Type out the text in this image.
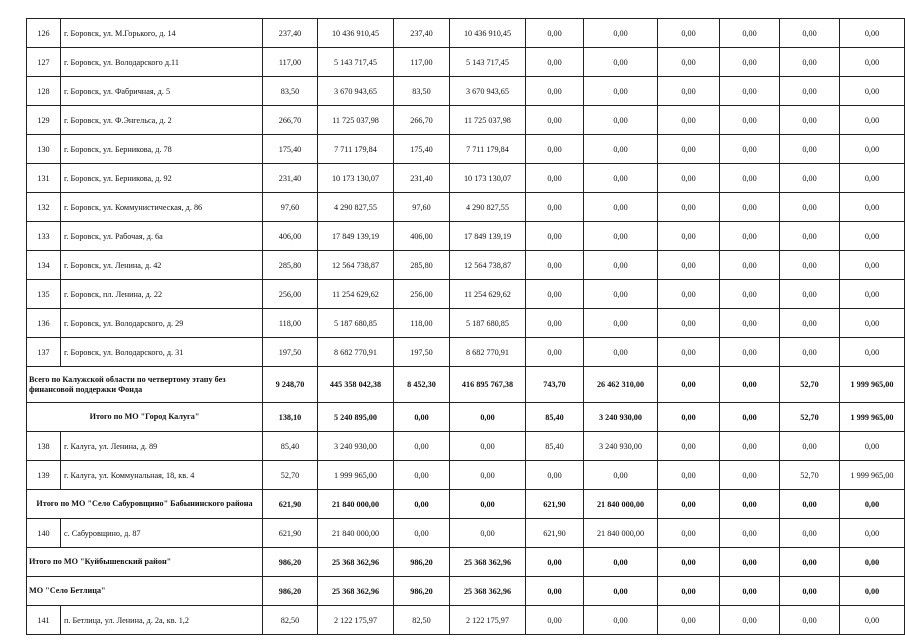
126	г. Боровск, ул. М.Горького, д. 14	237,40	10 436 910,45	237,40	10 436 910,45	0,00	0,00	0,00	0,00	0,00	0,00
127	г. Боровск, ул. Володарского д.11	117,00	5 143 717,45	117,00	5 143 717,45	0,00	0,00	0,00	0,00	0,00	0,00
128	г. Боровск, ул. Фабричная, д. 5	83,50	3 670 943,65	83,50	3 670 943,65	0,00	0,00	0,00	0,00	0,00	0,00
129	г. Боровск, ул. Ф.Энгельса, д. 2	266,70	11 725 037,98	266,70	11 725 037,98	0,00	0,00	0,00	0,00	0,00	0,00
130	г. Боровск, ул. Берникова, д. 78	175,40	7 711 179,84	175,40	7 711 179,84	0,00	0,00	0,00	0,00	0,00	0,00
131	г. Боровск, ул. Берникова, д. 92	231,40	10 173 130,07	231,40	10 173 130,07	0,00	0,00	0,00	0,00	0,00	0,00
132	г. Боровск, ул. Коммунистическая, д. 86	97,60	4 290 827,55	97,60	4 290 827,55	0,00	0,00	0,00	0,00	0,00	0,00
133	г. Боровск, ул. Рабочая, д. 6а	406,00	17 849 139,19	406,00	17 849 139,19	0,00	0,00	0,00	0,00	0,00	0,00
134	г. Боровск, ул. Ленина, д. 42	285,80	12 564 738,87	285,80	12 564 738,87	0,00	0,00	0,00	0,00	0,00	0,00
135	г. Боровск, пл. Ленина, д. 22	256,00	11 254 629,62	256,00	11 254 629,62	0,00	0,00	0,00	0,00	0,00	0,00
136	г. Боровск, ул. Володарского, д. 29	118,00	5 187 680,85	118,00	5 187 680,85	0,00	0,00	0,00	0,00	0,00	0,00
137	г. Боровск, ул. Володарского, д. 31	197,50	8 682 770,91	197,50	8 682 770,91	0,00	0,00	0,00	0,00	0,00	0,00
Всего по Калужской области по четвертому этапу без финансовой поддержки Фонда		9 248,70	445 358 042,38	8 452,30	416 895 767,38	743,70	26 462 310,00	0,00	0,00	52,70	1 999 965,00
Итого по МО "Город Калуга"		138,10	5 240 895,00	0,00	0,00	85,40	3 240 930,00	0,00	0,00	52,70	1 999 965,00
138	г. Калуга, ул. Ленина, д. 89	85,40	3 240 930,00	0,00	0,00	85,40	3 240 930,00	0,00	0,00	0,00	0,00
139	г. Калуга, ул. Коммунальная, 18, кв. 4	52,70	1 999 965,00	0,00	0,00	0,00	0,00	0,00	0,00	52,70	1 999 965,00
Итого по МО "Село Сабуровщино" Бабынинского района		621,90	21 840 000,00	0,00	0,00	621,90	21 840 000,00	0,00	0,00	0,00	0,00
140	с. Сабуровщино, д. 87	621,90	21 840 000,00	0,00	0,00	621,90	21 840 000,00	0,00	0,00	0,00	0,00
Итого по МО "Куйбышевский район"		986,20	25 368 362,96	986,20	25 368 362,96	0,00	0,00	0,00	0,00	0,00	0,00
МО "Село Бетлица"		986,20	25 368 362,96	986,20	25 368 362,96	0,00	0,00	0,00	0,00	0,00	0,00
141	п. Бетлица, ул. Ленина, д. 2а, кв. 1,2	82,50	2 122 175,97	82,50	2 122 175,97	0,00	0,00	0,00	0,00	0,00	0,00
